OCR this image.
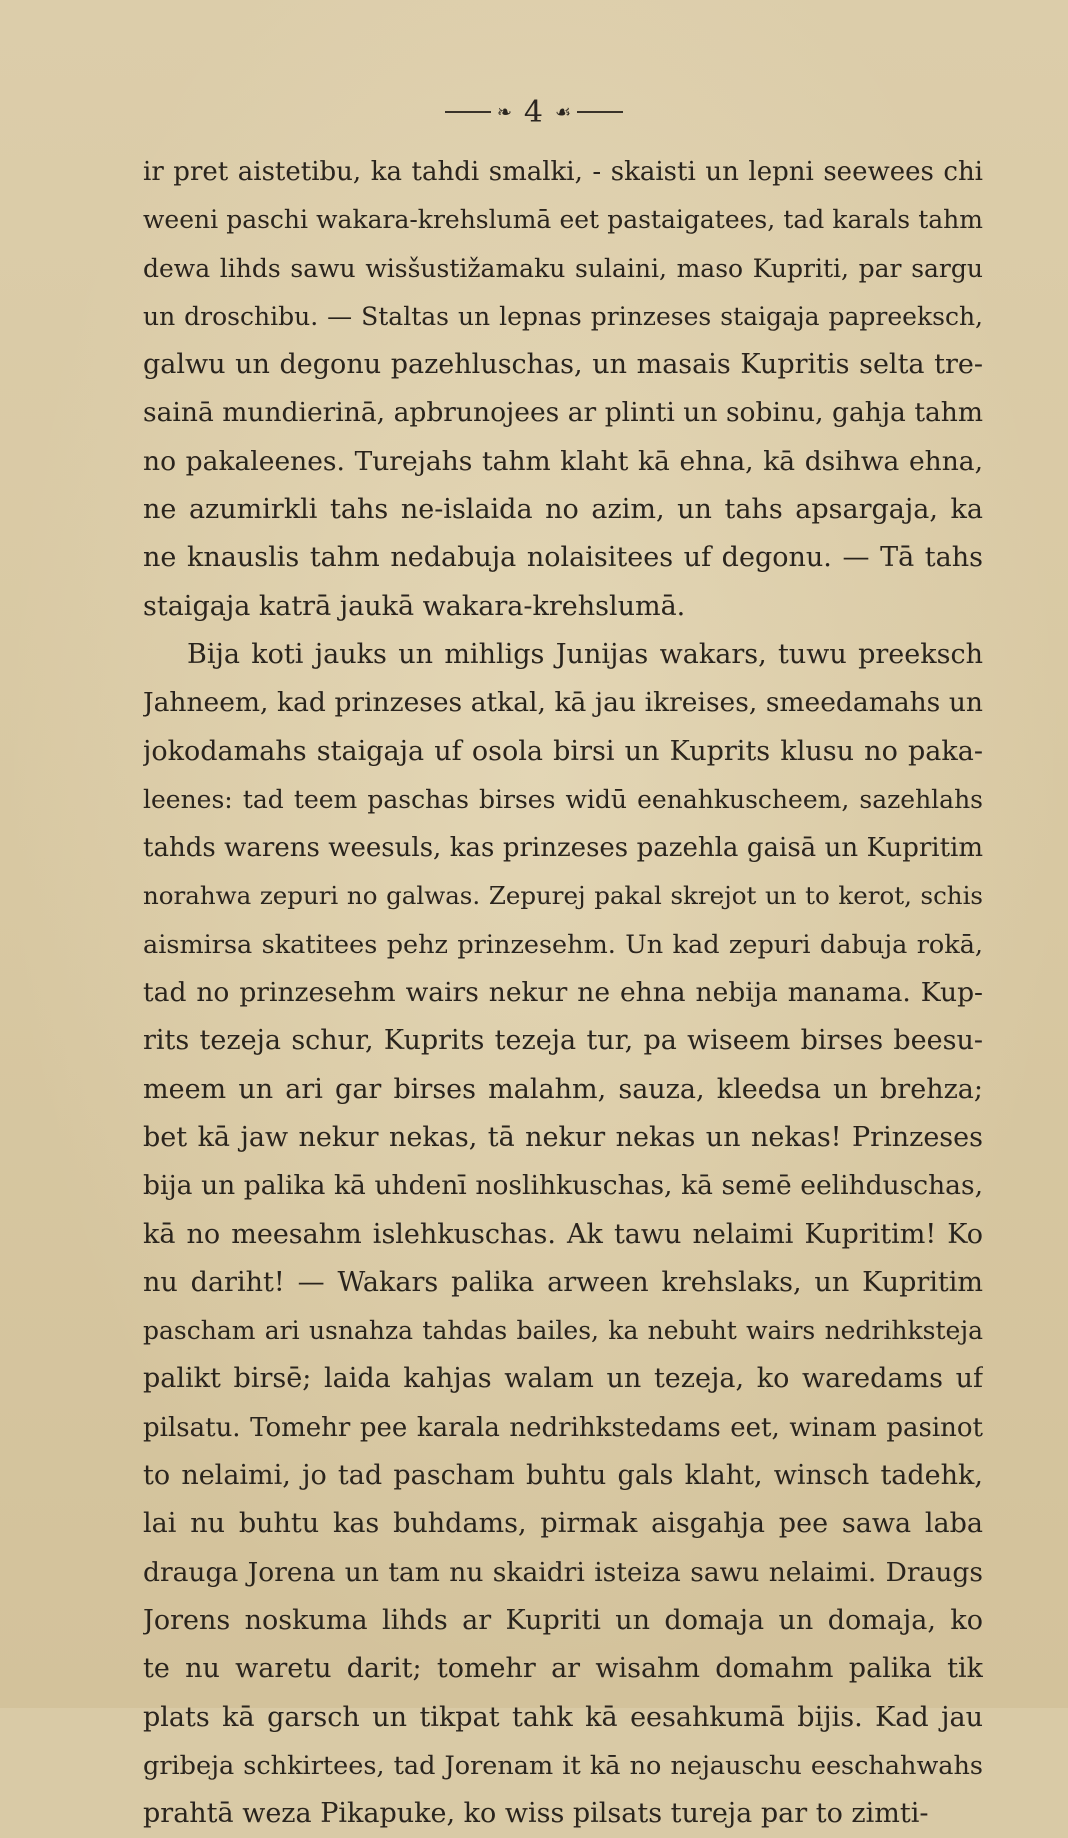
❧ 4 ☙
ir pret aistetibu, ka tahdi smalki, - skaisti un lepni seewees chi
weeni paschi wakara-krehslumā eet pastaigatees, tad karals tahm
dewa lihds sawu wisšustižamaku sulaini, maso Kupriti, par sargu
un droschibu. — Staltas un lepnas prinzeses staigaja papreeksch,
galwu un degonu pazehluschas, un masais Kupritis selta tre-
sainā mundierinā, apbrunojees ar plinti un sobinu, gahja tahm
no pakaleenes. Turejahs tahm klaht kā ehna, kā dsihwa ehna,
ne azumirkli tahs ne-islaida no azim, un tahs apsargaja, ka
ne knauslis tahm nedabuja nolaisitees uf degonu. — Tā tahs
staigaja katrā jaukā wakara-krehslumā.
Bija koti jauks un mihligs Junijas wakars, tuwu preeksch
Jahneem, kad prinzeses atkal, kā jau ikreises, smeedamahs un
jokodamahs staigaja uf osola birsi un Kuprits klusu no paka-
leenes: tad teem paschas birses widū eenahkuscheem, sazehlahs
tahds warens weesuls, kas prinzeses pazehla gaisā un Kupritim
norahwa zepuri no galwas. Zepurej pakal skrejot un to kerot, schis
aismirsa skatitees pehz prinzesehm. Un kad zepuri dabuja rokā,
tad no prinzesehm wairs nekur ne ehna nebija manama. Kup-
rits tezeja schur, Kuprits tezeja tur, pa wiseem birses beesu-
meem un ari gar birses malahm, sauza, kleedsa un brehza;
bet kā jaw nekur nekas, tā nekur nekas un nekas! Prinzeses
bija un palika kā uhdenī noslihkuschas, kā semē eelihduschas,
kā no meesahm islehkuschas. Ak tawu nelaimi Kupritim! Ko
nu dariht! — Wakars palika arween krehslaks, un Kupritim
pascham ari usnahza tahdas bailes, ka nebuht wairs nedrihksteja
palikt birsē; laida kahjas walam un tezeja, ko waredams uf
pilsatu. Tomehr pee karala nedrihkstedams eet, winam pasinot
to nelaimi, jo tad pascham buhtu gals klaht, winsch tadehk,
lai nu buhtu kas buhdams, pirmak aisgahja pee sawa laba
drauga Jorena un tam nu skaidri isteiza sawu nelaimi. Draugs
Jorens noskuma lihds ar Kupriti un domaja un domaja, ko
te nu waretu darit; tomehr ar wisahm domahm palika tik
plats kā garsch un tikpat tahk kā eesahkumā bijis. Kad jau
gribeja schkirtees, tad Jorenam it kā no nejauschu eeschahwahs
prahtā weza Pikapuke, ko wiss pilsats tureja par to zimti-
